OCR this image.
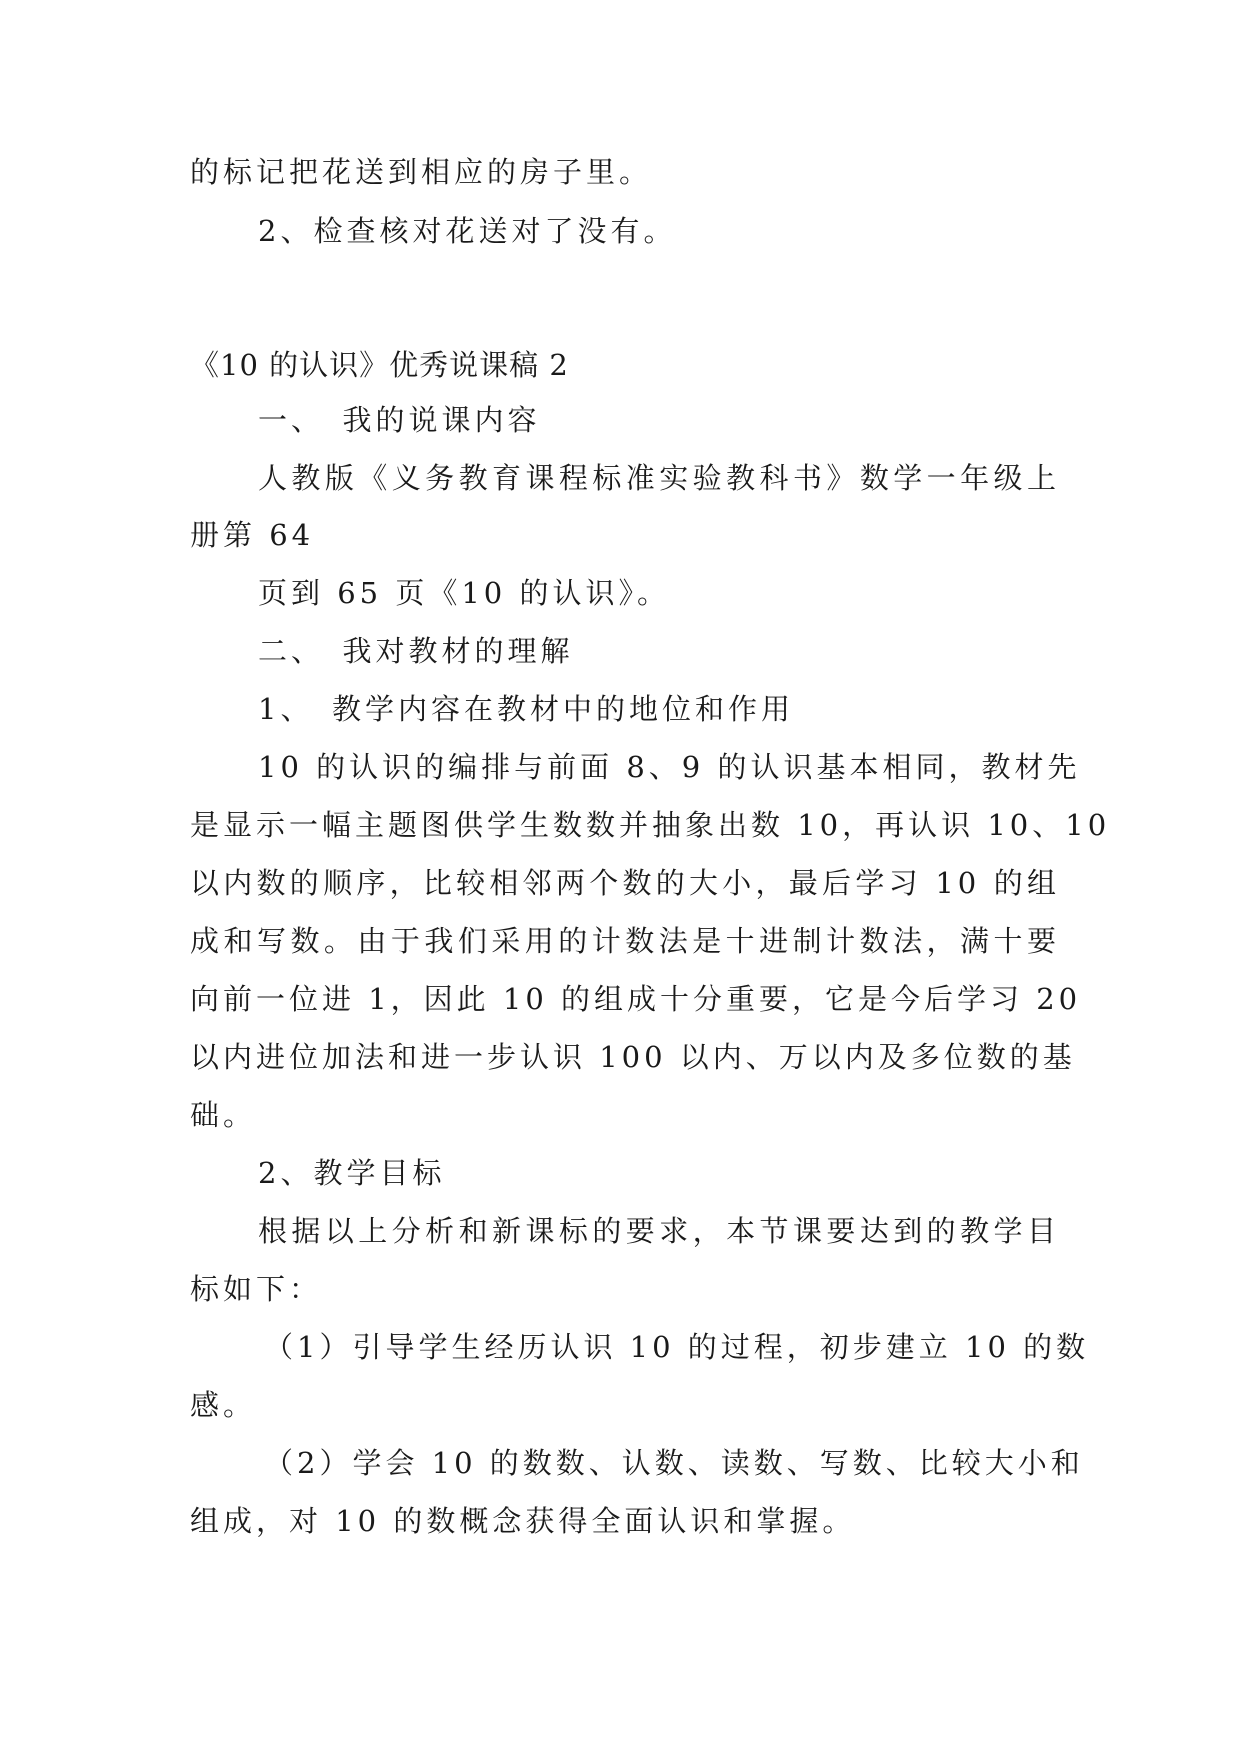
的标记把花送到相应的房子里。
2、检查核对花送对了没有。
《10 的认识》优秀说课稿 2
一、　我的说课内容
人教版《义务教育课程标准实验教科书》数学一年级上
册第 64
页到 65 页《10 的认识》。
二、　我对教材的理解
1、　教学内容在教材中的地位和作用
10 的认识的编排与前面 8、9 的认识基本相同，教材先
是显示一幅主题图供学生数数并抽象出数 10，再认识 10、10
以内数的顺序，比较相邻两个数的大小，最后学习 10 的组
成和写数。由于我们采用的计数法是十进制计数法，满十要
向前一位进 1，因此 10 的组成十分重要，它是今后学习 20
以内进位加法和进一步认识 100 以内、万以内及多位数的基
础。
2、教学目标
根据以上分析和新课标的要求，本节课要达到的教学目
标如下：
（1）引导学生经历认识 10 的过程，初步建立 10 的数
感。
（2）学会 10 的数数、认数、读数、写数、比较大小和
组成，对 10 的数概念获得全面认识和掌握。
